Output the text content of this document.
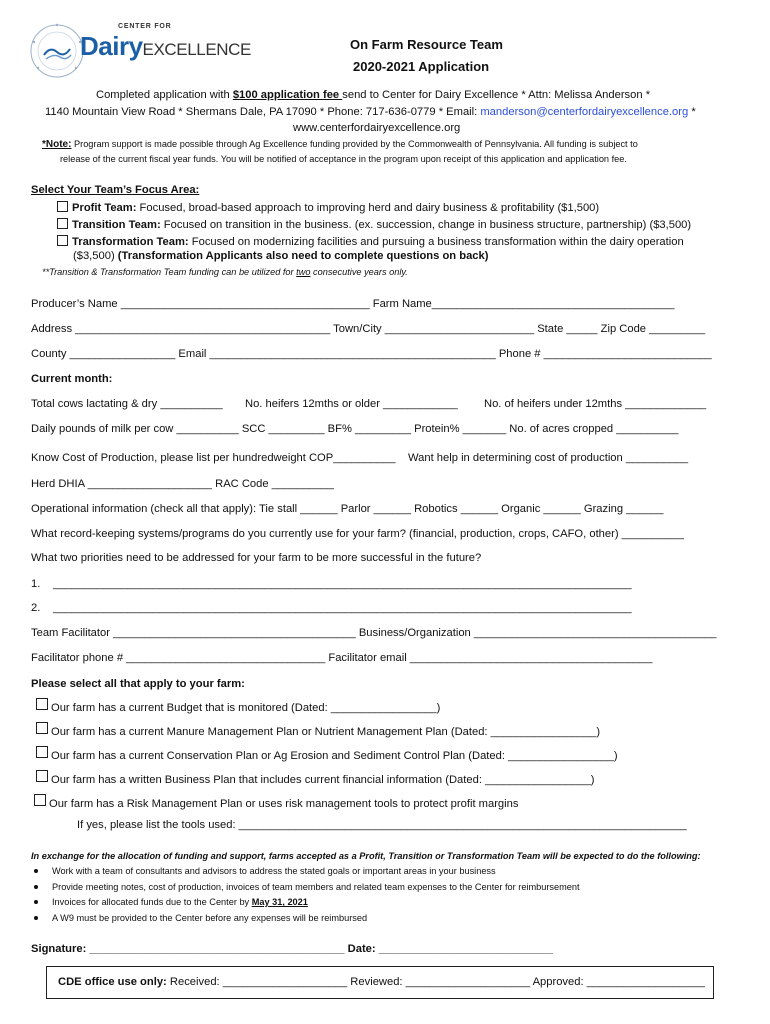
CENTER FOR
DairyEXCELLENCE	On Farm Resource Team
2020-2021 Application
Completed application with $100 application fee send to Center for Dairy Excellence * Attn: Melissa Anderson *
1140 Mountain View Road * Shermans Dale, PA 17090 * Phone: 717-636-0779 * Email: manderson@centerfordairyexcellence.org *
www.centerfordairyexcellence.org
*Note: Program support is made possible through Ag Excellence funding provided by the Commonwealth of Pennsylvania. All funding is subject to
release of the current fiscal year funds. You will be notified of acceptance in the program upon receipt of this application and application fee.
Select Your Team’s Focus Area:
Profit Team: Focused, broad-based approach to improving herd and dairy business & profitability ($1,500)
Transition Team: Focused on transition in the business. (ex. succession, change in business structure, partnership) ($3,500)
Transformation Team: Focused on modernizing facilities and pursuing a business transformation within the dairy operation
($3,500) (Transformation Applicants also need to complete questions on back)
**Transition & Transformation Team funding can be utilized for two consecutive years only.
Producer’s Name ________________________________________ Farm Name_______________________________________
Address _________________________________________ Town/City ________________________ State _____ Zip Code _________
County _________________ Email ______________________________________________ Phone # ___________________________
Current month:
Total cows lactating & dry __________ No. heifers 12mths or older ____________ No. of heifers under 12mths _____________
Daily pounds of milk per cow __________ SCC _________ BF% _________ Protein% _______ No. of acres cropped __________
Know Cost of Production, please list per hundredweight COP__________ Want help in determining cost of production __________
Herd DHIA ____________________ RAC Code __________
Operational information (check all that apply): Tie stall ______ Parlor ______ Robotics ______ Organic ______ Grazing ______
What record-keeping systems/programs do you currently use for your farm? (financial, production, crops, CAFO, other) __________
What two priorities need to be addressed for your farm to be more successful in the future?
1. _____________________________________________________________________________________________
2. _____________________________________________________________________________________________
Team Facilitator _______________________________________ Business/Organization _______________________________________
Facilitator phone # ________________________________ Facilitator email _______________________________________
Please select all that apply to your farm:
Our farm has a current Budget that is monitored (Dated: _________________)
Our farm has a current Manure Management Plan or Nutrient Management Plan (Dated: _________________)
Our farm has a current Conservation Plan or Ag Erosion and Sediment Control Plan (Dated: _________________)
Our farm has a written Business Plan that includes current financial information (Dated: _________________)
Our farm has a Risk Management Plan or uses risk management tools to protect profit margins
If yes, please list the tools used: ________________________________________________________________________
In exchange for the allocation of funding and support, farms accepted as a Profit, Transition or Transformation Team will be expected to do the following:
Work with a team of consultants and advisors to address the stated goals or important areas in your business
Provide meeting notes, cost of production, invoices of team members and related team expenses to the Center for reimbursement
Invoices for allocated funds due to the Center by May 31, 2021
A W9 must be provided to the Center before any expenses will be reimbursed
Signature: _________________________________________ Date: ____________________________
CDE office use only: Received: ____________________ Reviewed: ____________________ Approved: ___________________
